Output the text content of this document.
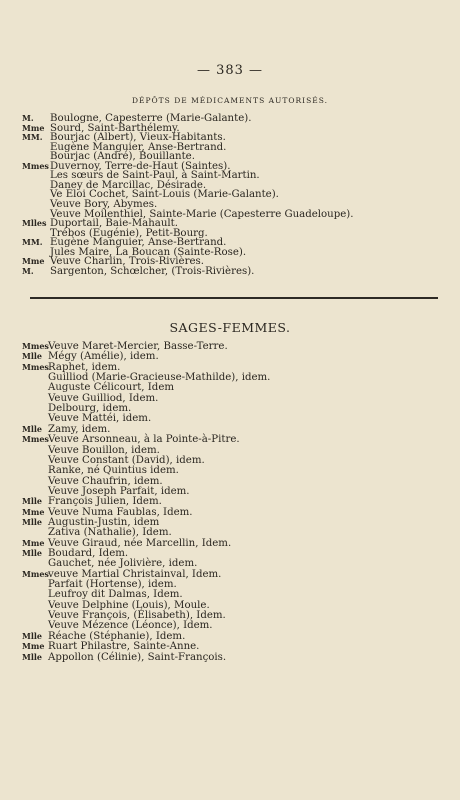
— 383 —
DÉPÔTS DE MÉDICAMENTS AUTORISÉS.
M.	Boulogne, Capesterre (Marie-Galante).
Mme Sourd, Saint-Barthélemy.
MM. Bourjac (Albert), Vieux-Habitants.
Eugène Manguier, Anse-Bertrand.
Bourjac (André), Bouillante.
Mmes Duvernoy, Terre-de-Haut (Saintes).
Les sœurs de Saint-Paul, à Saint-Martin.
Daney de Marcillac, Désirade.
Ve Eloi Cochet, Saint-Louis (Marie-Galante).
Veuve Bory, Abymes.
Veuve Moilenthiel, Sainte-Marie (Capesterre Guadeloupe).
Mlles Duportail, Baie-Mahault.
Trébos (Eugénie), Petit-Bourg.
MM. Eugène Manguier, Anse-Bertrand.
Jules Maire, La Boucan (Sainte-Rose).
Mme Veuve Charlin, Trois-Rivières.
M.	Sargenton, Schœlcher, (Trois-Rivières).
SAGES-FEMMES.
Mmes Veuve Maret-Mercier, Basse-Terre.
Mlle Mégy (Amélie), idem.
Mmes Raphet, idem.
Guilliod (Marie-Gracieuse-Mathilde), idem.
Auguste Célicourt, Idem
Veuve Guilliod, Idem.
Delbourg, idem.
Veuve Mattéi, idem.
Mlle Zamy, idem.
Mmes Veuve Arsonneau, à la Pointe-à-Pitre.
Veuve Bouillon, idem.
Veuve Constant (David), idem.
Ranke, né Quintius idem.
Veuve Chaufrin, idem.
Veuve Joseph Parfait, idem.
Mlle François Julien, Idem.
Mme Veuve Numa Faublas, Idem.
Mlle Augustin-Justin, idem
Zativa (Nathalie), Idem.
Mme Veuve Giraud, née Marcellin, Idem.
Mlle Boudard, Idem.
Gauchet, née Jolivière, idem.
Mmes veuve Martial Christainval, Idem.
Parfait (Hortense), idem.
Leufroy dit Dalmas, Idem.
Veuve Delphine (Louis), Moule.
Veuve François, (Élisabeth), Idem.
Veuve Mézence (Léonce), Idem.
Mlle Réache (Stéphanie), Idem.
Mme Ruart Philastre, Sainte-Anne.
Mlle Appollon (Célinie), Saint-François.
